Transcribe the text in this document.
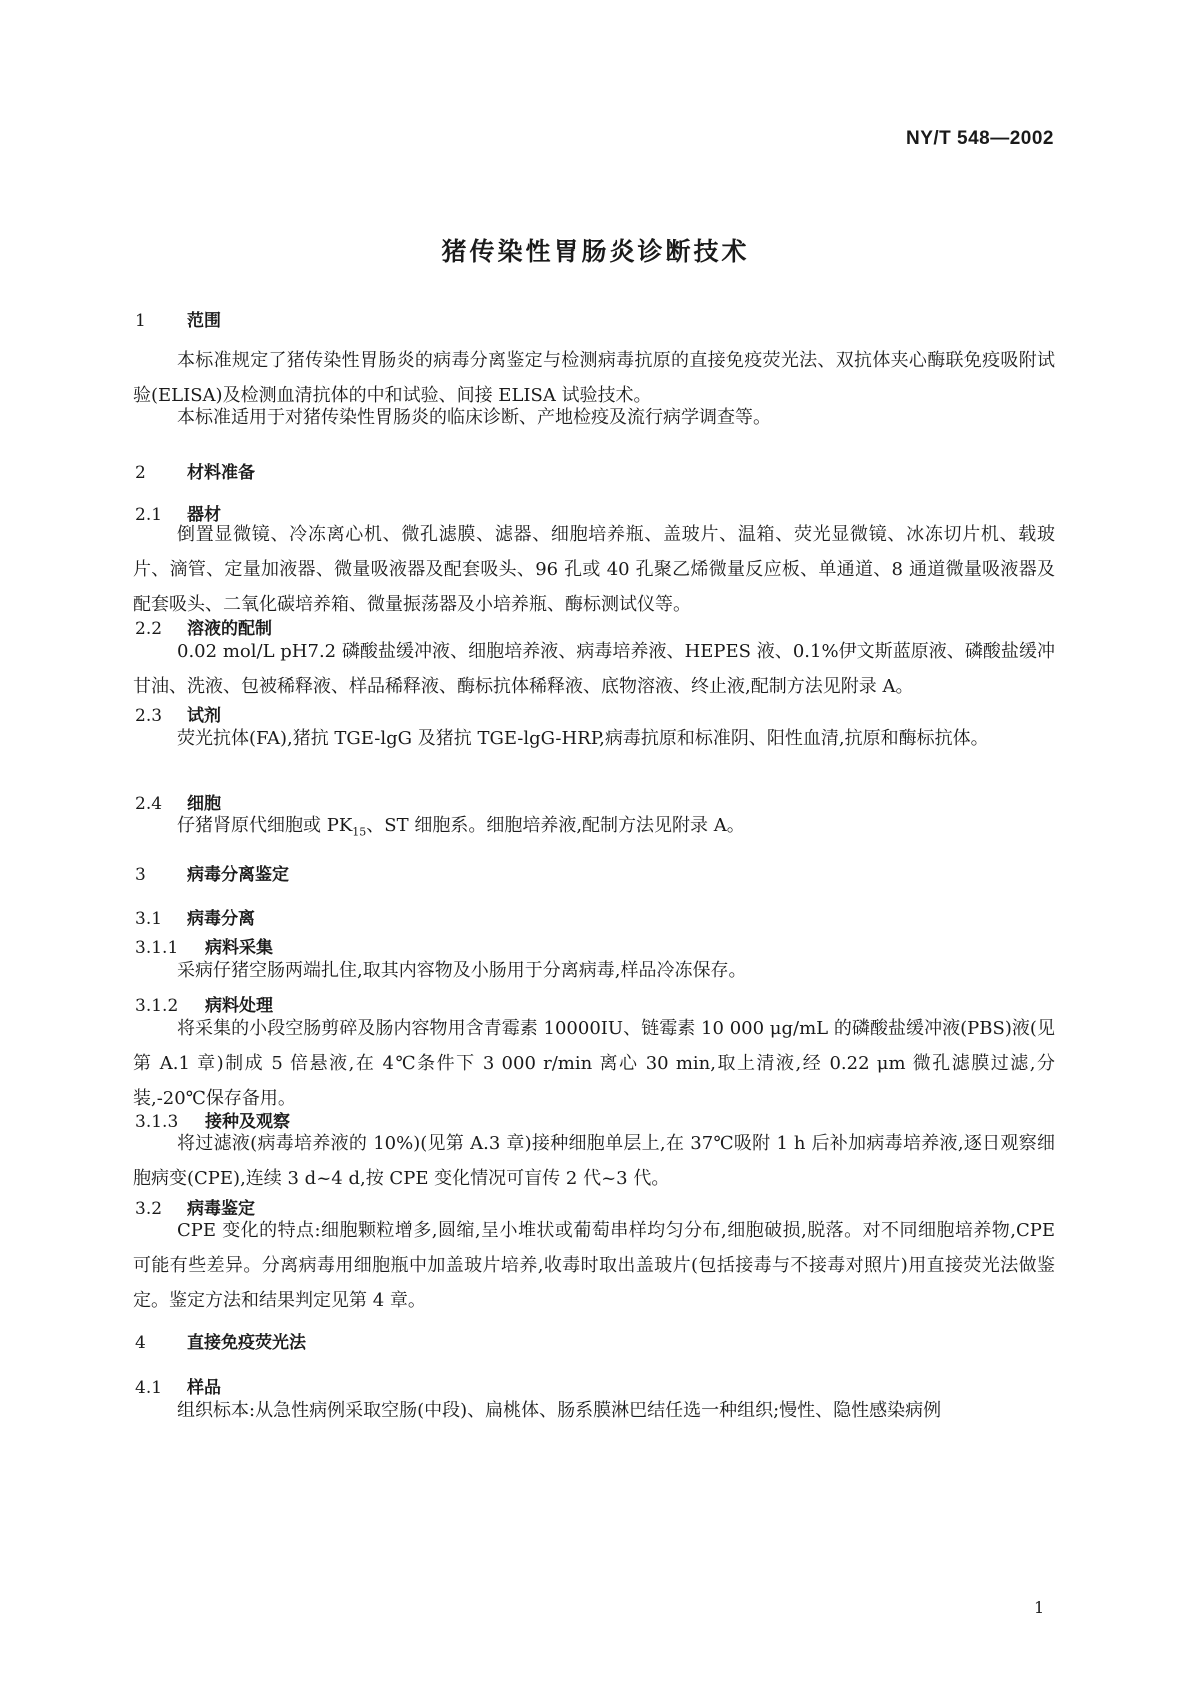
NY/T 548—2002
猪传染性胃肠炎诊断技术
1 范围
本标准规定了猪传染性胃肠炎的病毒分离鉴定与检测病毒抗原的直接免疫荧光法、双抗体夹心酶联免疫吸附试验(ELISA)及检测血清抗体的中和试验、间接 ELISA 试验技术。
本标准适用于对猪传染性胃肠炎的临床诊断、产地检疫及流行病学调查等。
2 材料准备
2.1 器材
倒置显微镜、冷冻离心机、微孔滤膜、滤器、细胞培养瓶、盖玻片、温箱、荧光显微镜、冰冻切片机、载玻片、滴管、定量加液器、微量吸液器及配套吸头、96 孔或 40 孔聚乙烯微量反应板、单通道、8 通道微量吸液器及配套吸头、二氧化碳培养箱、微量振荡器及小培养瓶、酶标测试仪等。
2.2 溶液的配制
0.02 mol/L pH7.2 磷酸盐缓冲液、细胞培养液、病毒培养液、HEPES 液、0.1%伊文斯蓝原液、磷酸盐缓冲甘油、洗液、包被稀释液、样品稀释液、酶标抗体稀释液、底物溶液、终止液,配制方法见附录 A。
2.3 试剂
荧光抗体(FA),猪抗 TGE-lgG 及猪抗 TGE-lgG-HRP,病毒抗原和标准阴、阳性血清,抗原和酶标抗体。
2.4 细胞
仔猪肾原代细胞或 $PK_{15}$、ST 细胞系。细胞培养液,配制方法见附录 A。
3 病毒分离鉴定
3.1 病毒分离
3.1.1 病料采集
采病仔猪空肠两端扎住,取其内容物及小肠用于分离病毒,样品冷冻保存。
3.1.2 病料处理
将采集的小段空肠剪碎及肠内容物用含青霉素 10000IU、链霉素 10 000 μg/mL 的磷酸盐缓冲液(PBS)液(见第 A.1 章)制成 5 倍悬液,在 4℃条件下 3 000 r/min 离心 30 min,取上清液,经 0.22 μm 微孔滤膜过滤,分装,-20℃保存备用。
3.1.3 接种及观察
将过滤液(病毒培养液的 10%)(见第 A.3 章)接种细胞单层上,在 37℃吸附 1 h 后补加病毒培养液,逐日观察细胞病变(CPE),连续 3 d~4 d,按 CPE 变化情况可盲传 2 代~3 代。
3.2 病毒鉴定
CPE 变化的特点:细胞颗粒增多,圆缩,呈小堆状或葡萄串样均匀分布,细胞破损,脱落。对不同细胞培养物,CPE 可能有些差异。分离病毒用细胞瓶中加盖玻片培养,收毒时取出盖玻片(包括接毒与不接毒对照片)用直接荧光法做鉴定。鉴定方法和结果判定见第 4 章。
4 直接免疫荧光法
4.1 样品
组织标本:从急性病例采取空肠(中段)、扁桃体、肠系膜淋巴结任选一种组织;慢性、隐性感染病例
1
